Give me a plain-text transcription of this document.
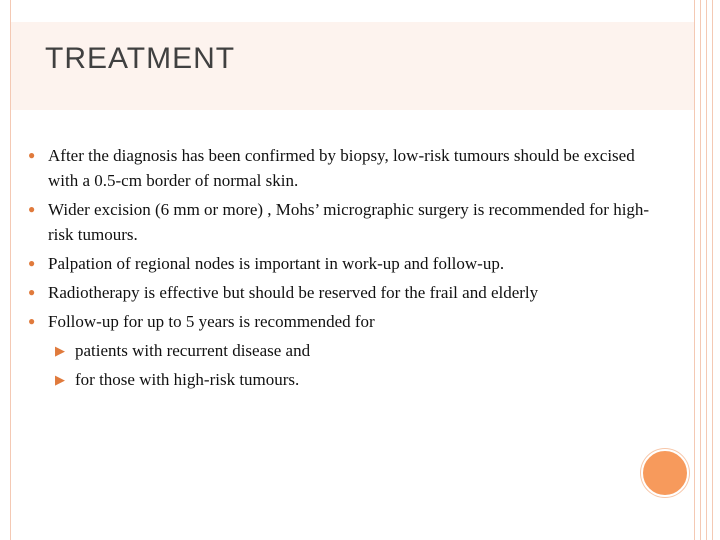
TREATMENT
● After the diagnosis has been confirmed by biopsy, low-risk tumours should be excised with a 0.5-cm border of normal skin.
● Wider excision (6 mm or more) , Mohs’ micrographic surgery is recommended for high-risk tumours.
● Palpation of regional nodes is important in work-up and follow-up.
● Radiotherapy is effective but should be reserved for the frail and elderly
● Follow-up for up to 5 years is recommended for
▶ patients with recurrent disease and
▶ for those with high-risk tumours.
